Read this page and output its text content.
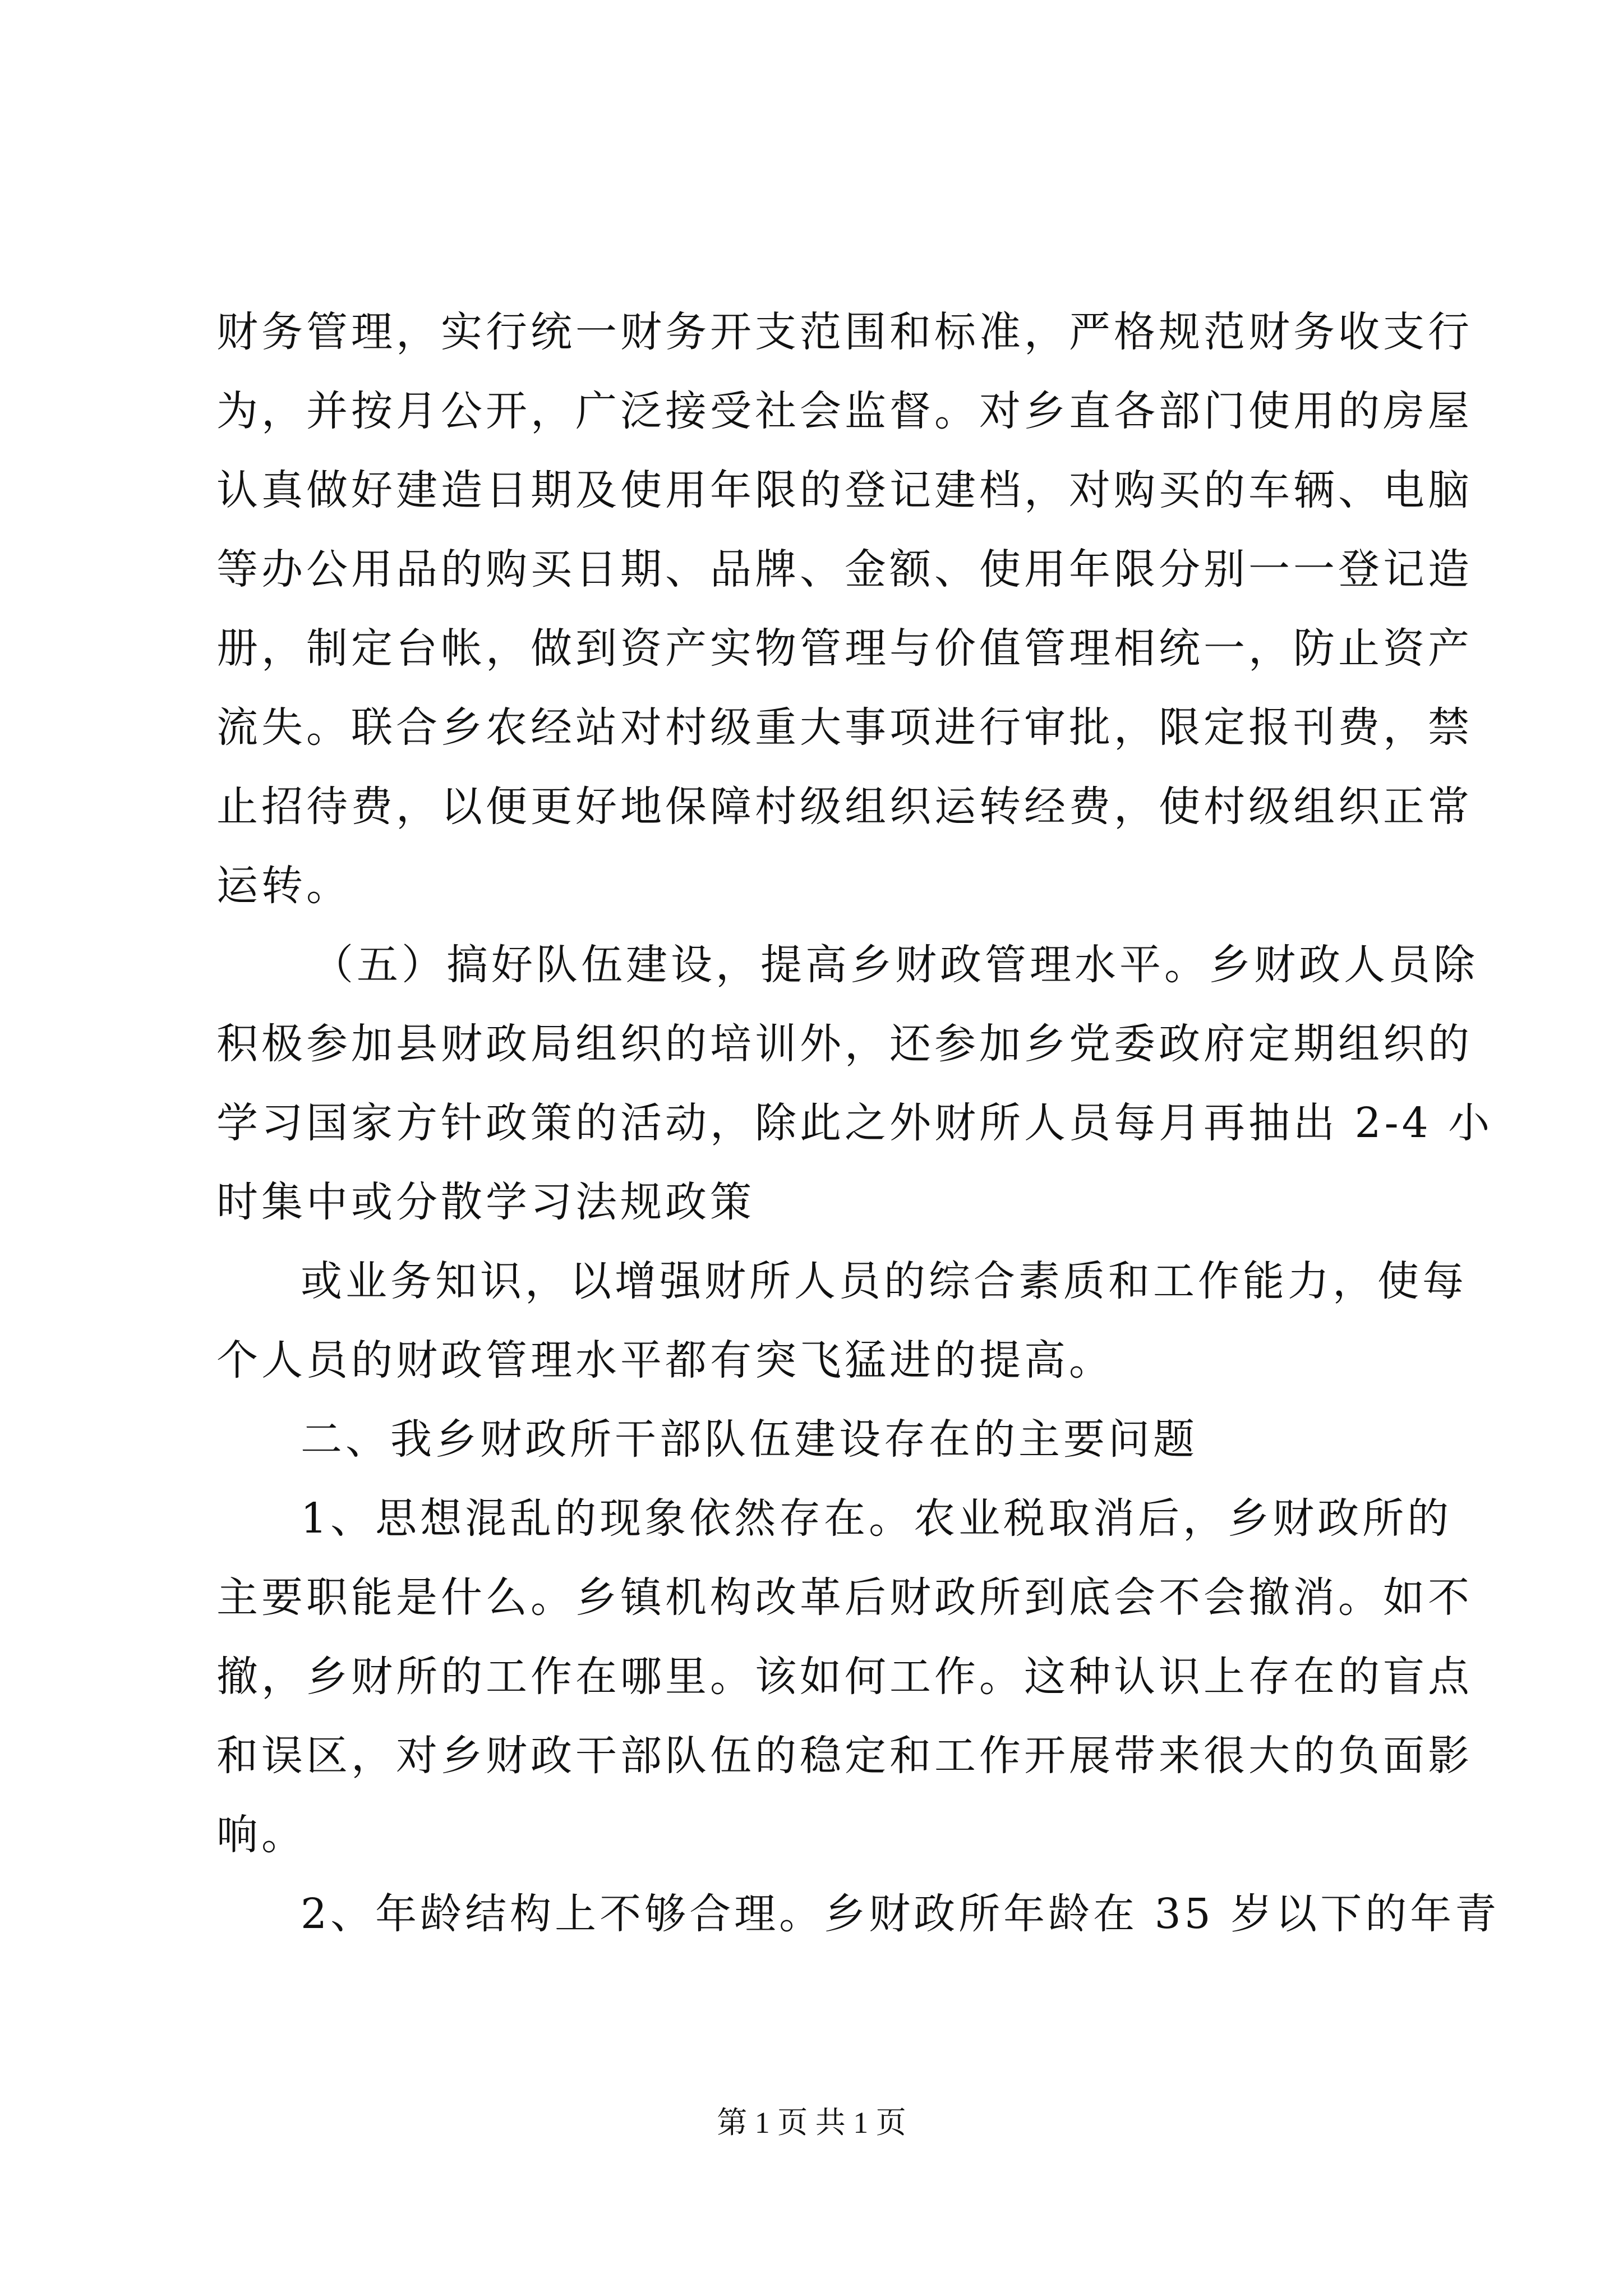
财务管理，实行统一财务开支范围和标准，严格规范财务收支行
为，并按月公开，广泛接受社会监督。对乡直各部门使用的房屋
认真做好建造日期及使用年限的登记建档，对购买的车辆、电脑
等办公用品的购买日期、品牌、金额、使用年限分别一一登记造
册，制定台帐，做到资产实物管理与价值管理相统一，防止资产
流失。联合乡农经站对村级重大事项进行审批，限定报刊费，禁
止招待费，以便更好地保障村级组织运转经费，使村级组织正常
运转。
（五）搞好队伍建设，提高乡财政管理水平。乡财政人员除
积极参加县财政局组织的培训外，还参加乡党委政府定期组织的
学习国家方针政策的活动，除此之外财所人员每月再抽出 2-4 小
时集中或分散学习法规政策
或业务知识，以增强财所人员的综合素质和工作能力，使每
个人员的财政管理水平都有突飞猛进的提高。
二、我乡财政所干部队伍建设存在的主要问题
1、思想混乱的现象依然存在。农业税取消后，乡财政所的
主要职能是什么。乡镇机构改革后财政所到底会不会撤消。如不
撤，乡财所的工作在哪里。该如何工作。这种认识上存在的盲点
和误区，对乡财政干部队伍的稳定和工作开展带来很大的负面影
响。
2、年龄结构上不够合理。乡财政所年龄在 35 岁以下的年青
第 1 页 共 1 页
